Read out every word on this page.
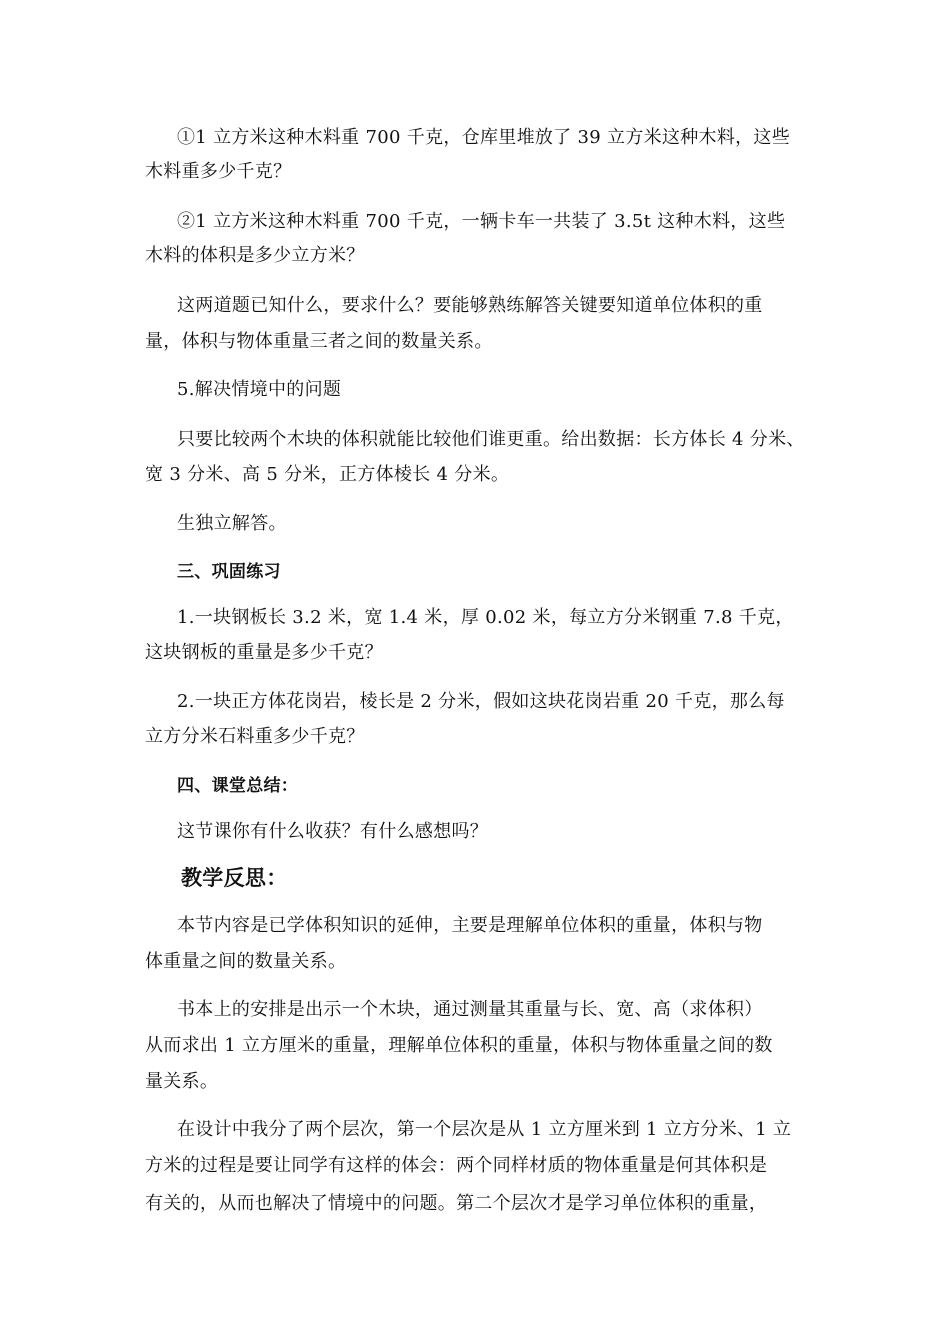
①1 立方米这种木料重 700 千克，仓库里堆放了 39 立方米这种木料，这些
木料重多少千克？
②1 立方米这种木料重 700 千克，一辆卡车一共装了 3.5t 这种木料，这些
木料的体积是多少立方米？
这两道题已知什么，要求什么？要能够熟练解答关键要知道单位体积的重
量，体积与物体重量三者之间的数量关系。
5.解决情境中的问题
只要比较两个木块的体积就能比较他们谁更重。给出数据：长方体长 4 分米、
宽 3 分米、高 5 分米，正方体棱长 4 分米。
生独立解答。
三、巩固练习
1.一块钢板长 3.2 米，宽 1.4 米，厚 0.02 米，每立方分米钢重 7.8 千克，
这块钢板的重量是多少千克？
2.一块正方体花岗岩，棱长是 2 分米，假如这块花岗岩重 20 千克，那么每
立方分米石料重多少千克？
四、课堂总结：
这节课你有什么收获？有什么感想吗？
教学反思：
本节内容是已学体积知识的延伸，主要是理解单位体积的重量，体积与物
体重量之间的数量关系。
书本上的安排是出示一个木块，通过测量其重量与长、宽、高（求体积）
从而求出 1 立方厘米的重量，理解单位体积的重量，体积与物体重量之间的数
量关系。
在设计中我分了两个层次，第一个层次是从 1 立方厘米到 1 立方分米、1 立
方米的过程是要让同学有这样的体会：两个同样材质的物体重量是何其体积是
有关的，从而也解决了情境中的问题。第二个层次才是学习单位体积的重量，
